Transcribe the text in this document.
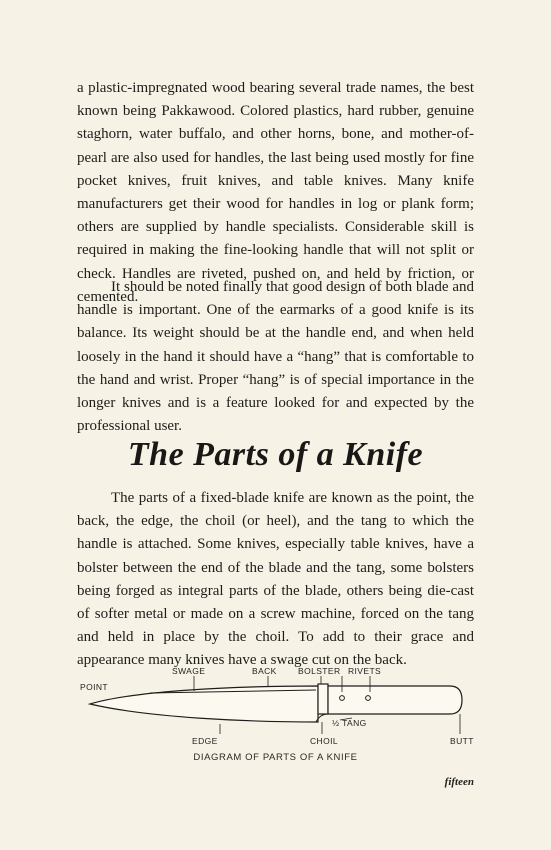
a plastic-impregnated wood bearing several trade names, the best known being Pakkawood. Colored plastics, hard rubber, genuine staghorn, water buffalo, and other horns, bone, and mother-of-pearl are also used for handles, the last being used mostly for fine pocket knives, fruit knives, and table knives. Many knife manufacturers get their wood for handles in log or plank form; others are supplied by handle specialists. Considerable skill is required in making the fine-looking handle that will not split or check. Handles are riveted, pushed on, and held by friction, or cemented.

It should be noted finally that good design of both blade and handle is important. One of the earmarks of a good knife is its balance. Its weight should be at the handle end, and when held loosely in the hand it should have a “hang” that is comfortable to the hand and wrist. Proper “hang” is of special importance in the longer knives and is a feature looked for and expected by the professional user.

The Parts of a Knife

The parts of a fixed-blade knife are known as the point, the back, the edge, the choil (or heel), and the tang to which the handle is attached. Some knives, especially table knives, have a bolster between the end of the blade and the tang, some bolsters being forged as integral parts of the blade, others being die-cast of softer metal or made on a screw machine, forced on the tang and held in place by the choil. To add to their grace and appearance many knives have a swage cut on the back.

POINT
SWAGE	BACK	BOLSTER RIVETS
½ TANG
EDGE	CHOIL	BUTT
DIAGRAM OF PARTS OF A KNIFE
fifteen
